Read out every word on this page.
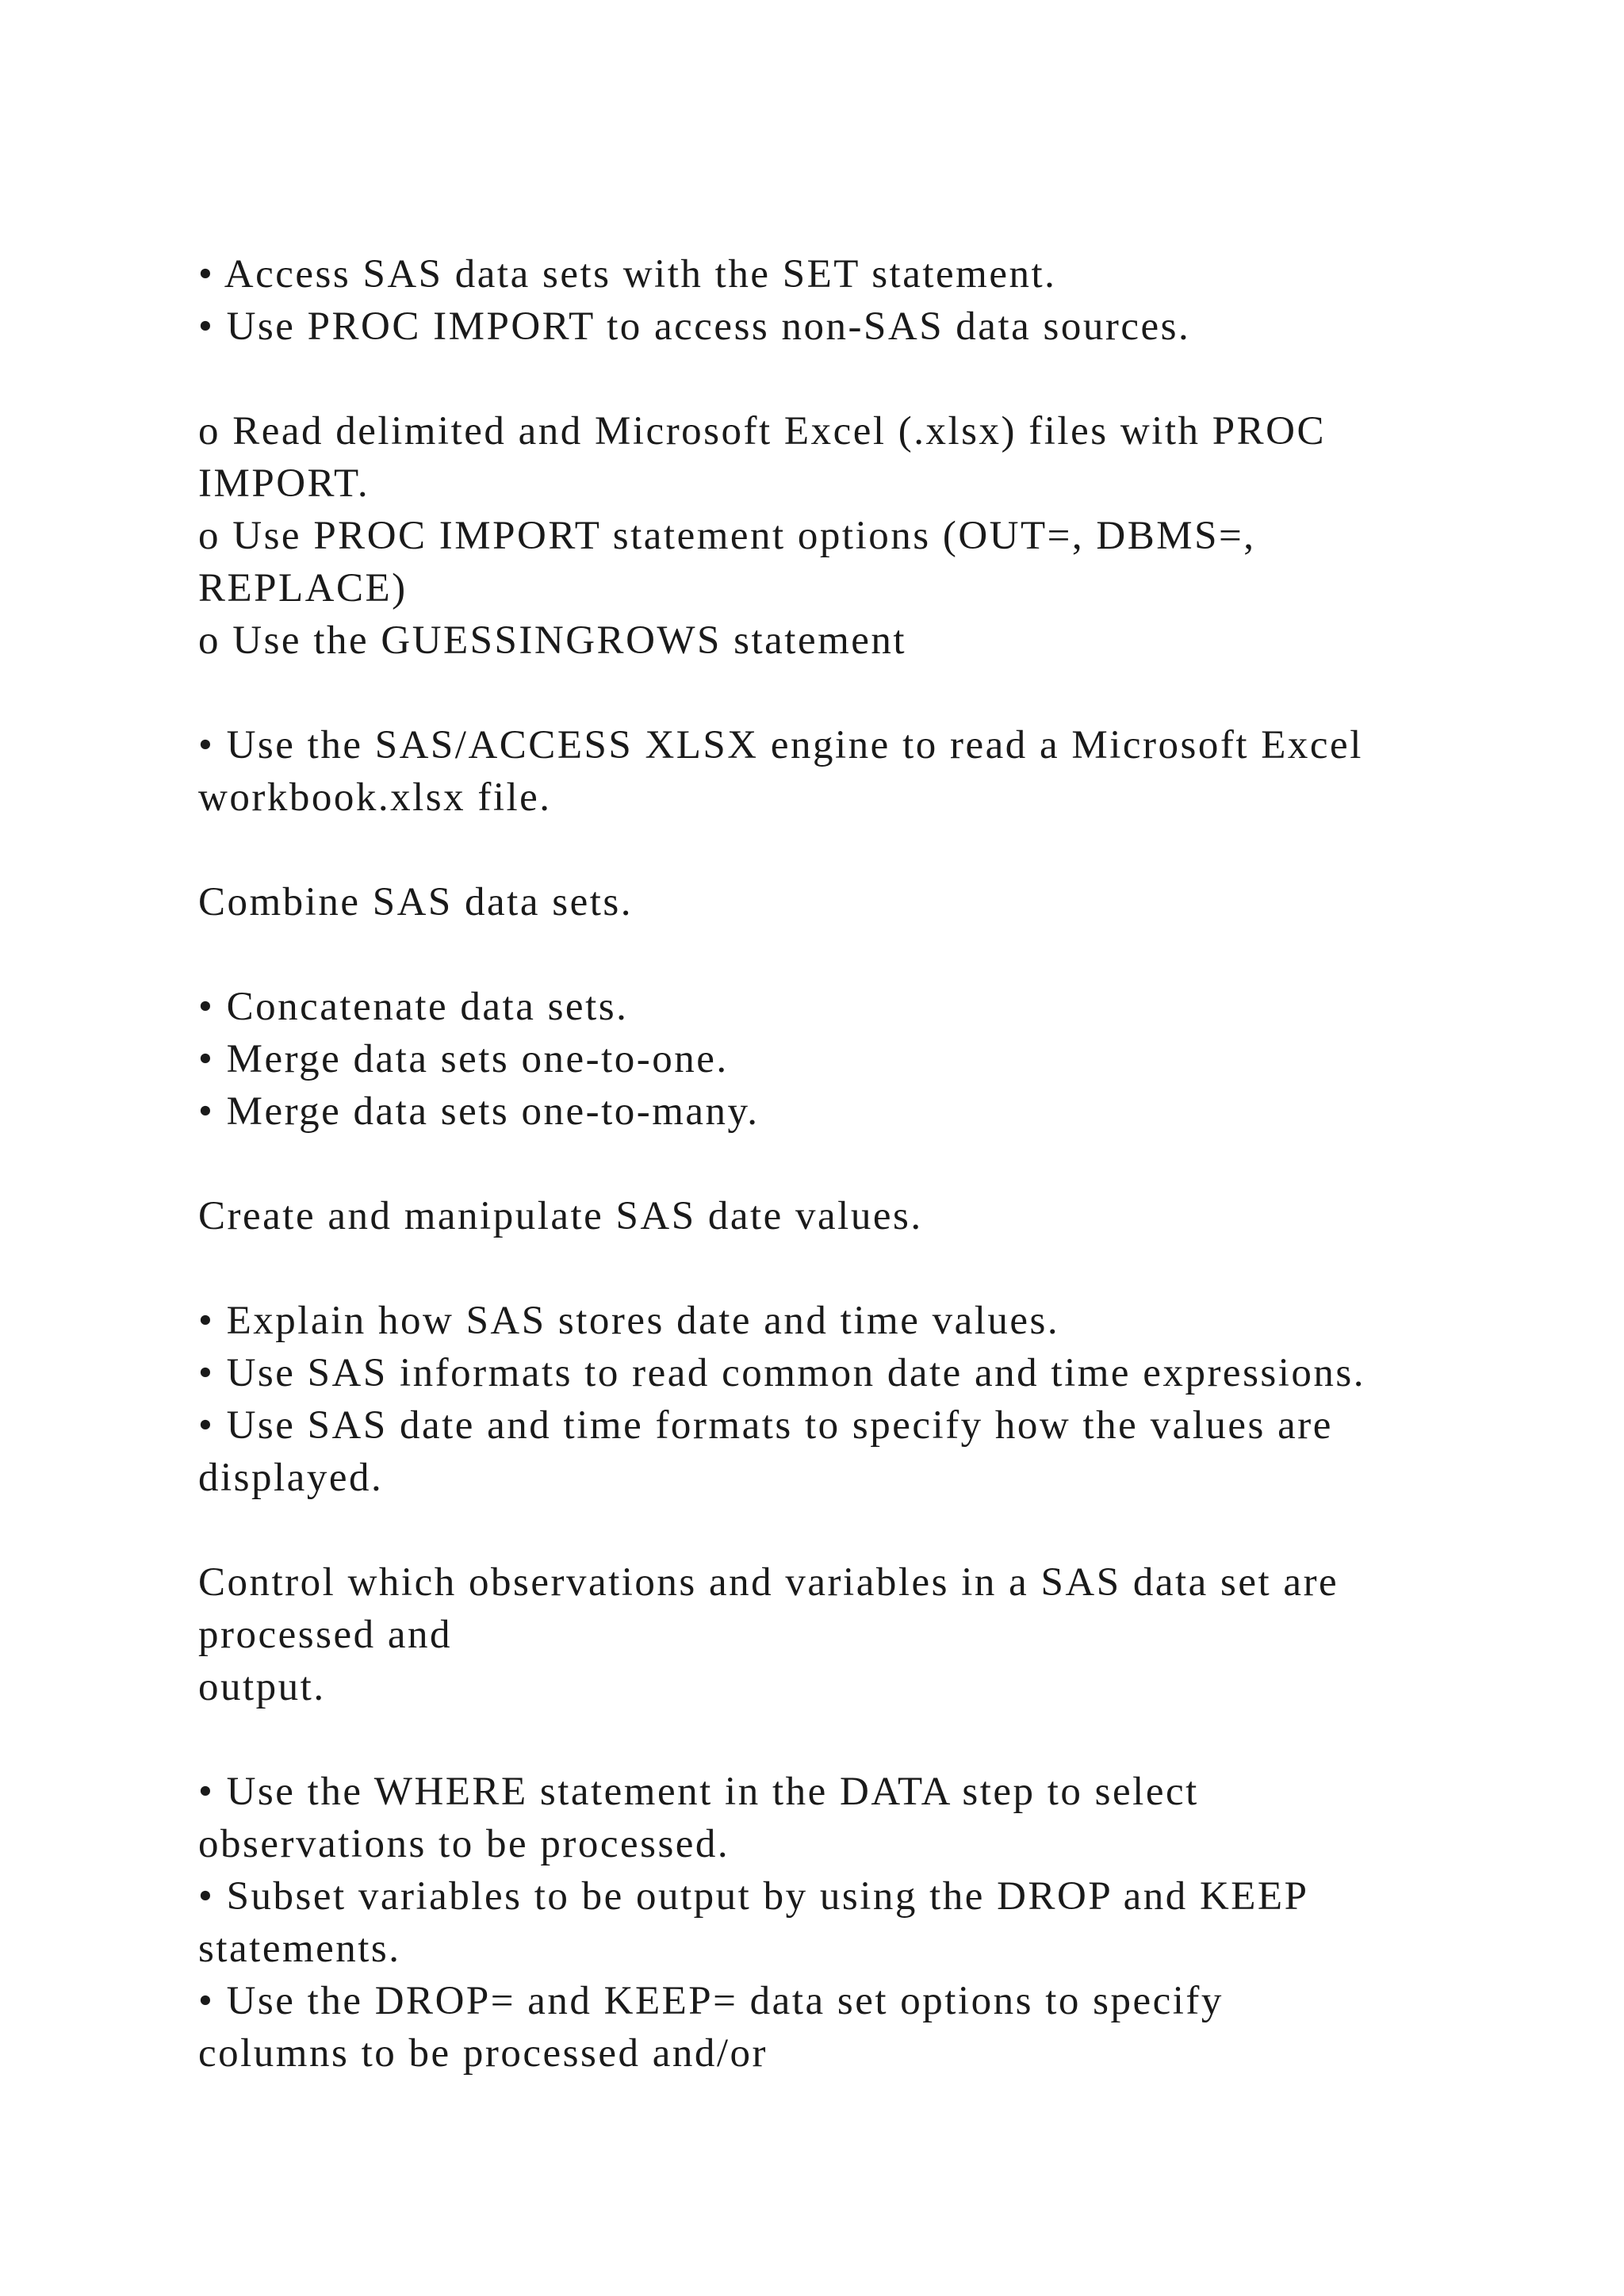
• Access SAS data sets with the SET statement.
• Use PROC IMPORT to access non-SAS data sources.
o Read delimited and Microsoft Excel (.xlsx) files with PROC
IMPORT.
o Use PROC IMPORT statement options (OUT=, DBMS=,
REPLACE)
o Use the GUESSINGROWS statement
• Use the SAS/ACCESS XLSX engine to read a Microsoft Excel
workbook.xlsx file.
Combine SAS data sets.
• Concatenate data sets.
• Merge data sets one-to-one.
• Merge data sets one-to-many.
Create and manipulate SAS date values.
• Explain how SAS stores date and time values.
• Use SAS informats to read common date and time expressions.
• Use SAS date and time formats to specify how the values are
displayed.
Control which observations and variables in a SAS data set are
processed and
output.
• Use the WHERE statement in the DATA step to select
observations to be processed.
• Subset variables to be output by using the DROP and KEEP
statements.
• Use the DROP= and KEEP= data set options to specify
columns to be processed and/or
